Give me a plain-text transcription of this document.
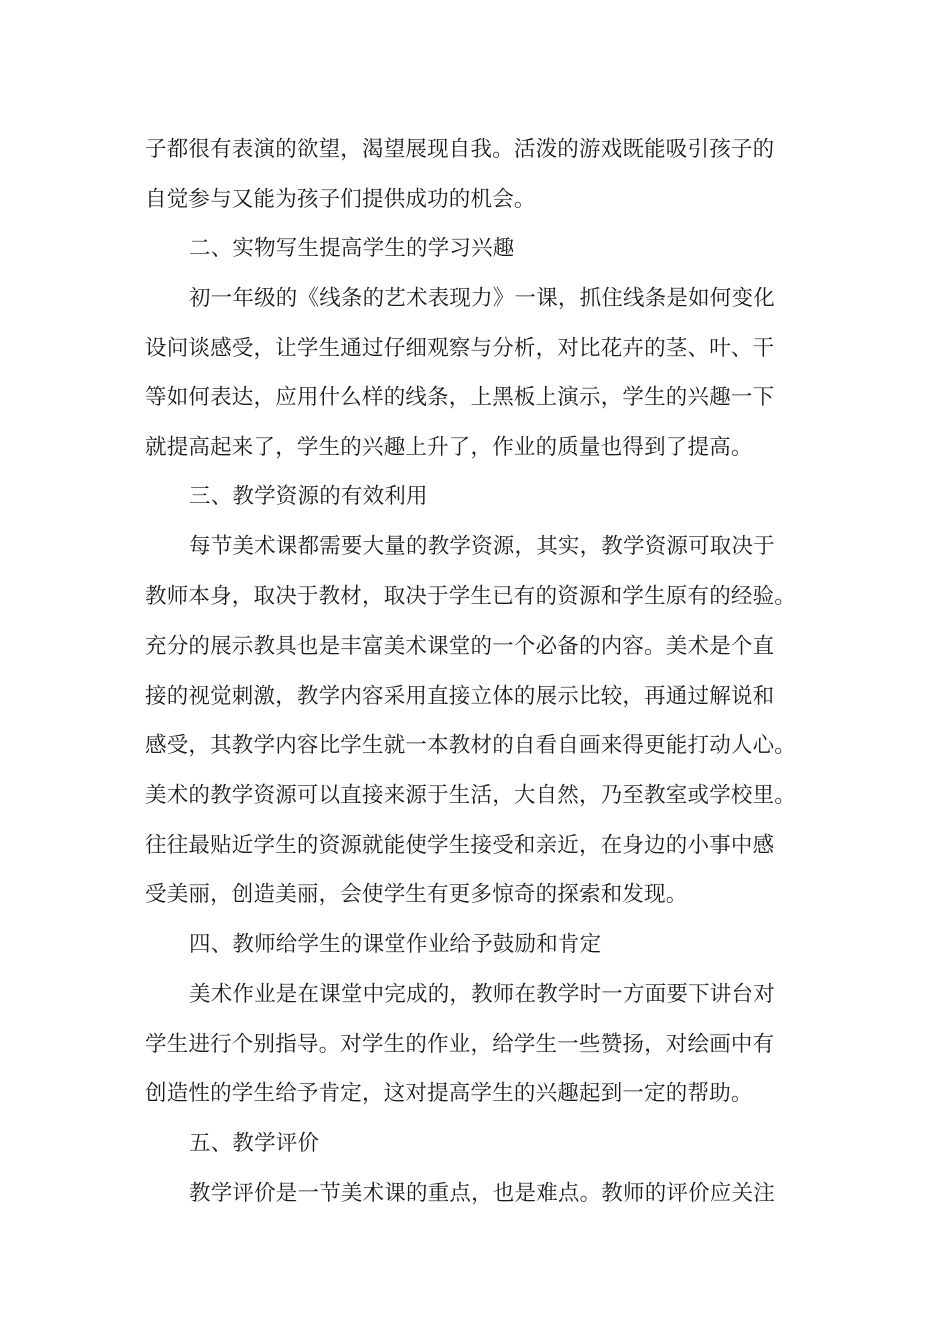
子都很有表演的欲望，渴望展现自我。活泼的游戏既能吸引孩子的
自觉参与又能为孩子们提供成功的机会。
二、实物写生提高学生的学习兴趣
初一年级的《线条的艺术表现力》一课，抓住线条是如何变化
设问谈感受，让学生通过仔细观察与分析，对比花卉的茎、叶、干
等如何表达，应用什么样的线条，上黑板上演示，学生的兴趣一下
就提高起来了，学生的兴趣上升了，作业的质量也得到了提高。
三、教学资源的有效利用
每节美术课都需要大量的教学资源，其实，教学资源可取决于
教师本身，取决于教材，取决于学生已有的资源和学生原有的经验。
充分的展示教具也是丰富美术课堂的一个必备的内容。美术是个直
接的视觉刺激，教学内容采用直接立体的展示比较，再通过解说和
感受，其教学内容比学生就一本教材的自看自画来得更能打动人心。
美术的教学资源可以直接来源于生活，大自然，乃至教室或学校里。
往往最贴近学生的资源就能使学生接受和亲近，在身边的小事中感
受美丽，创造美丽，会使学生有更多惊奇的探索和发现。
四、教师给学生的课堂作业给予鼓励和肯定
美术作业是在课堂中完成的，教师在教学时一方面要下讲台对
学生进行个别指导。对学生的作业，给学生一些赞扬，对绘画中有
创造性的学生给予肯定，这对提高学生的兴趣起到一定的帮助。
五、教学评价
教学评价是一节美术课的重点，也是难点。教师的评价应关注
